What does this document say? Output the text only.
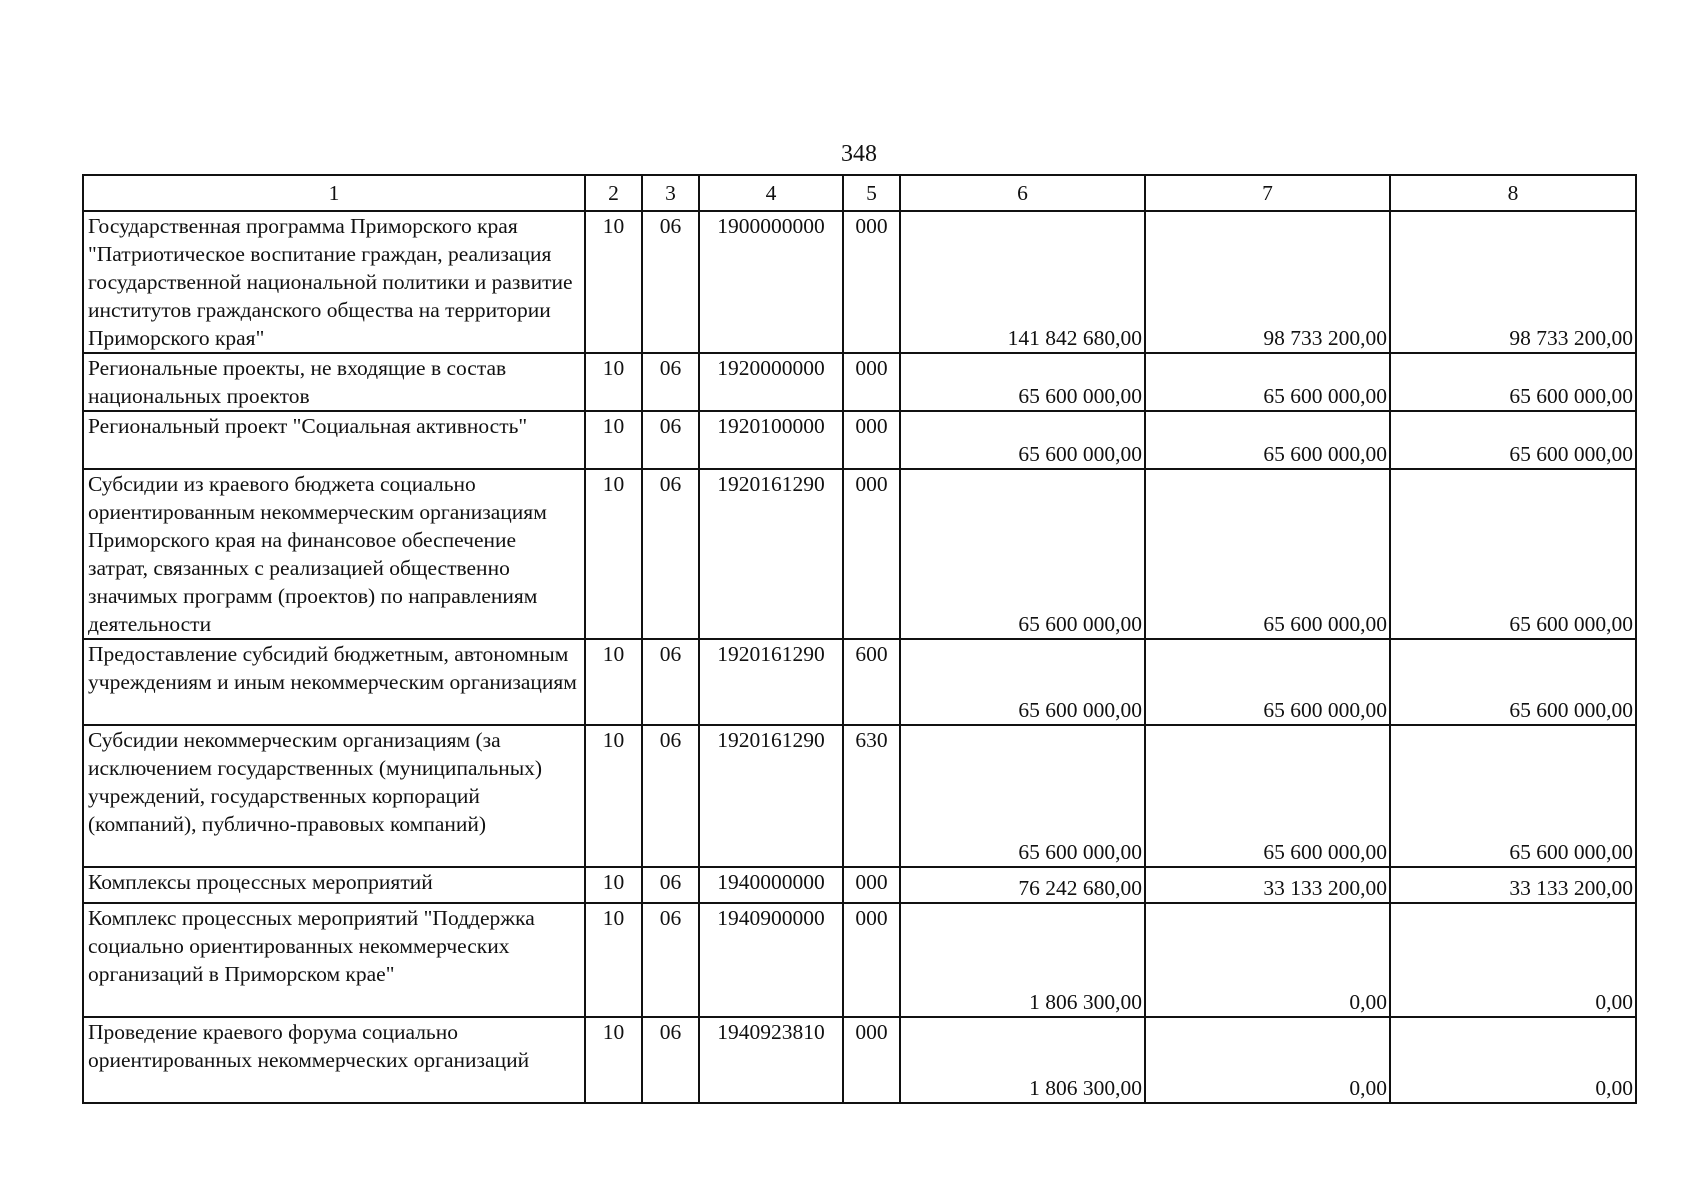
348
1	2	3	4	5	6	7	8
Государственная программа Приморского края "Патриотическое воспитание граждан, реализация государственной национальной политики и развитие институтов гражданского общества на территории Приморского края"	10	06	1900000000	000	141 842 680,00	98 733 200,00	98 733 200,00
Региональные проекты, не входящие в состав национальных проектов	10	06	1920000000	000	65 600 000,00	65 600 000,00	65 600 000,00
Региональный проект "Социальная активность"	10	06	1920100000	000	65 600 000,00	65 600 000,00	65 600 000,00
Субсидии из краевого бюджета социально ориентированным некоммерческим организациям Приморского края на финансовое обеспечение затрат, связанных с реализацией общественно значимых программ (проектов) по направлениям деятельности	10	06	1920161290	000	65 600 000,00	65 600 000,00	65 600 000,00
Предоставление субсидий бюджетным, автономным учреждениям и иным некоммерческим организациям	10	06	1920161290	600	65 600 000,00	65 600 000,00	65 600 000,00
Субсидии некоммерческим организациям (за исключением государственных (муниципальных) учреждений, государственных корпораций (компаний), публично-правовых компаний)	10	06	1920161290	630	65 600 000,00	65 600 000,00	65 600 000,00
Комплексы процессных мероприятий	10	06	1940000000	000	76 242 680,00	33 133 200,00	33 133 200,00
Комплекс процессных мероприятий "Поддержка социально ориентированных некоммерческих организаций в Приморском крае"	10	06	1940900000	000	1 806 300,00	0,00	0,00
Проведение краевого форума социально ориентированных некоммерческих организаций	10	06	1940923810	000	1 806 300,00	0,00	0,00
